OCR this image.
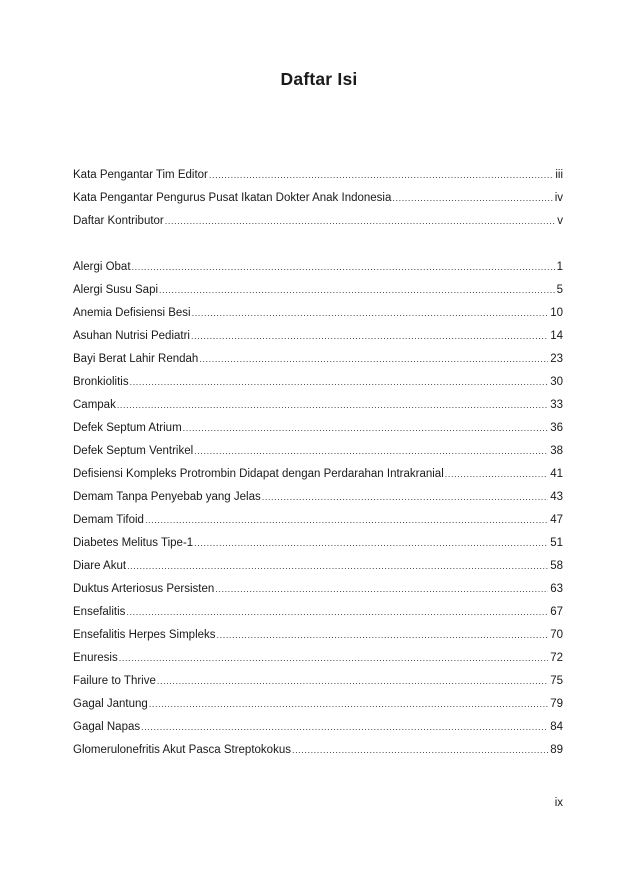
Daftar Isi
Kata Pengantar Tim Editor .....	iii
Kata Pengantar Pengurus Pusat Ikatan Dokter Anak Indonesia .....	iv
Daftar Kontributor .....	v
Alergi Obat .....	1
Alergi Susu Sapi .....	5
Anemia Defisiensi Besi .....	10
Asuhan Nutrisi Pediatri .....	14
Bayi Berat Lahir Rendah .....	23
Bronkiolitis .....	30
Campak .....	33
Defek Septum Atrium .....	36
Defek Septum Ventrikel .....	38
Defisiensi Kompleks Protrombin Didapat dengan Perdarahan Intrakranial .....	41
Demam Tanpa Penyebab yang Jelas .....	43
Demam Tifoid .....	47
Diabetes Melitus Tipe-1 .....	51
Diare Akut .....	58
Duktus Arteriosus Persisten .....	63
Ensefalitis .....	67
Ensefalitis Herpes Simpleks .....	70
Enuresis .....	72
Failure to Thrive .....	75
Gagal Jantung .....	79
Gagal Napas .....	84
Glomerulonefritis Akut Pasca Streptokokus .....	89
ix
